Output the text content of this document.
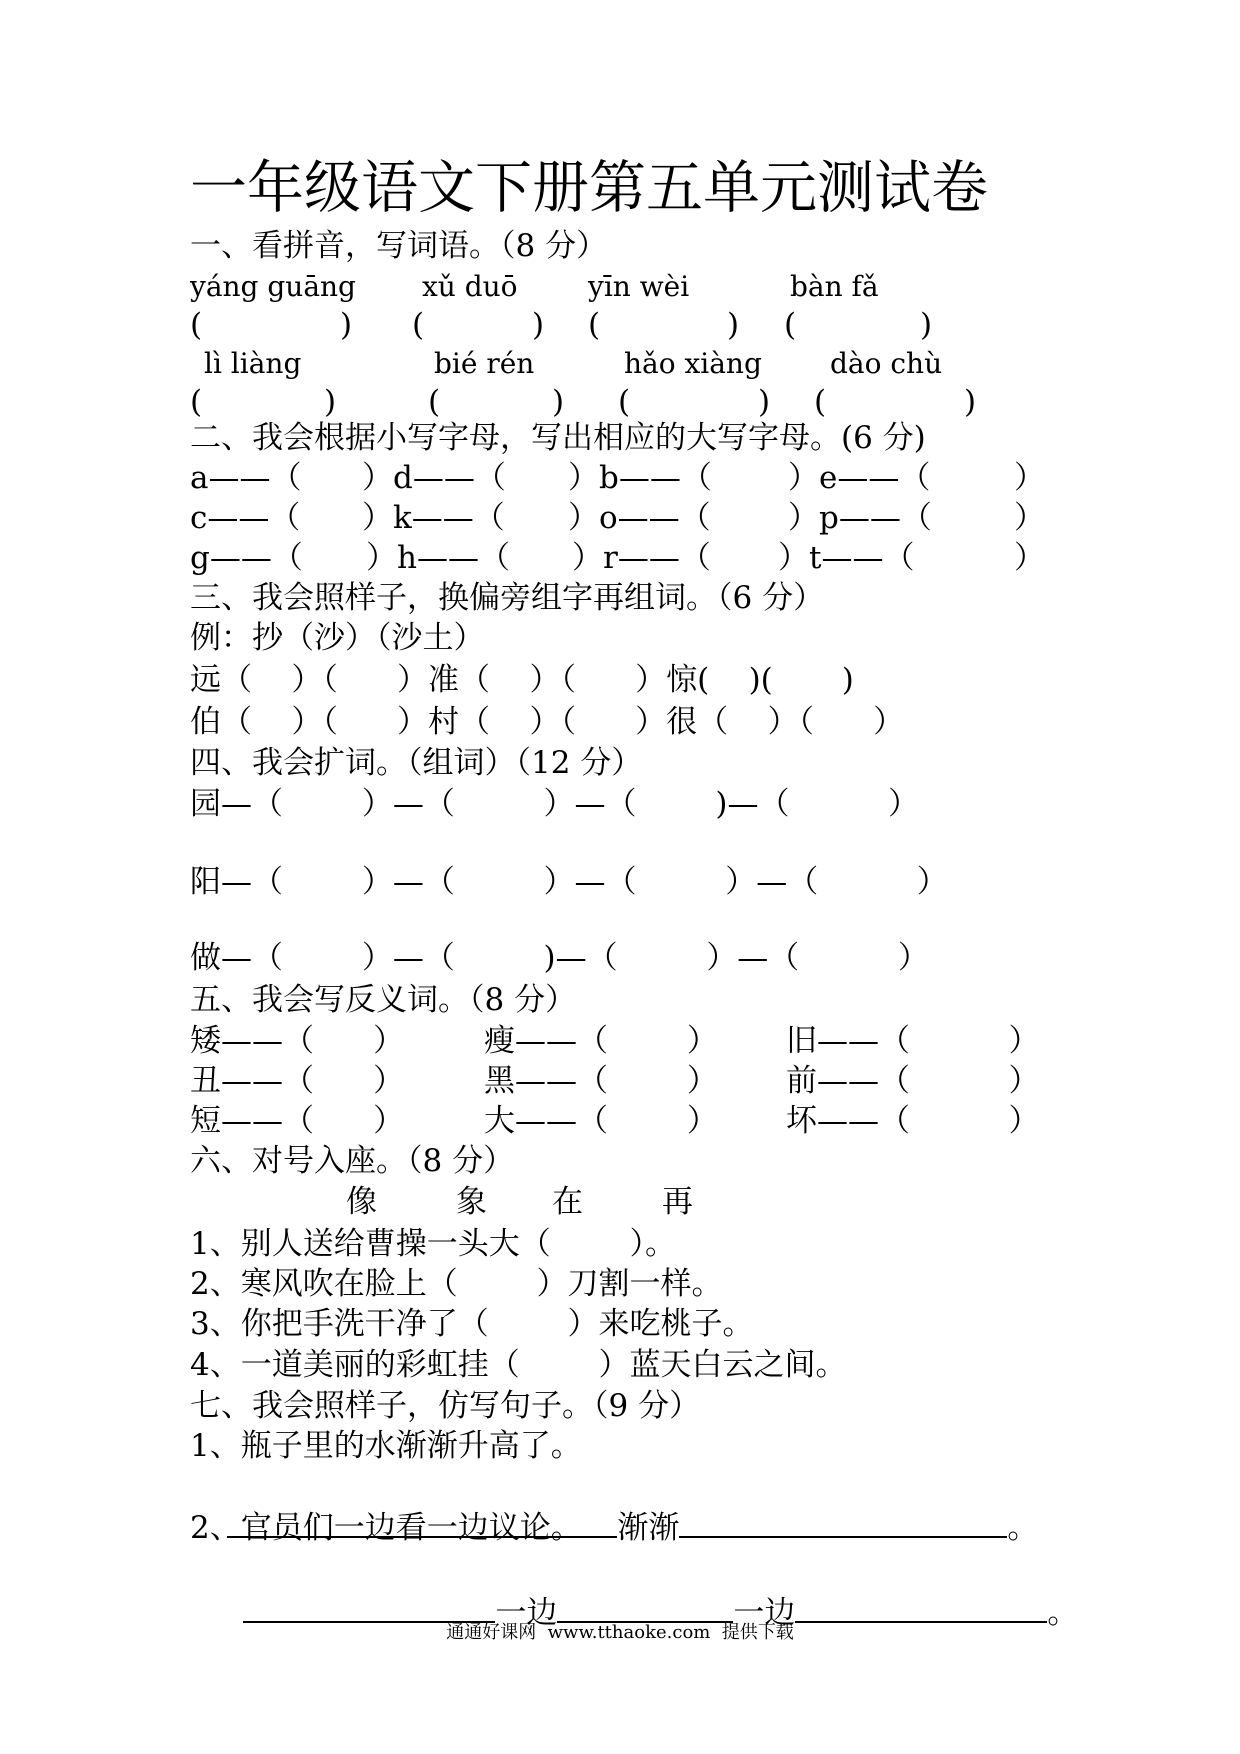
一年级语文下册第五单元测试卷
一、看拼音，写词语。（8 分）
yáng guāng xǔ duō	yīn wèi	bàn fǎ
(	) (	) (	) (	)
lì liàng	bié rén	hǎo xiàng dào chù
(	)	(	) (	) (	)
二、我会根据小写字母，写出相应的大写字母。(6 分)
a——（ ）d——（ ）b——（ ）e——（	）
c——（ ）k——（ ）o——（ ）p——（	）
g——（ ）h——（ ）r——（ ）t——（	）
三、我会照样子，换偏旁组字再组词。（6 分）
例：抄（沙）（沙土）
远（    ）（      ）准（    ）（      ）惊(    )(       )
伯（    ）（      ）村（    ）（      ）很（    ）（      ）
四、我会扩词。（组词）（12 分）
园—（        ）—（         ）—（        )—（          ）
阳—（        ）—（         ）—（         ）—（          ）
做—（        ）—（         )—（         ）—（          ）
五、我会写反义词。（8 分）
矮——（      ）	瘦——（        ） 旧——（          ）
丑——（      ）	黑——（        ） 前——（          ）
短——（      ）	大——（        ） 坏——（          ）
六、对号入座。（8 分）
像	象 在	再
1、别人送给曹操一头大（        ）。
2、寒风吹在脸上（        ）刀割一样。
3、你把手洗干净了（        ）来吃桃子。
4、一道美丽的彩虹挂（        ）蓝天白云之间。
七、我会照样子，仿写句子。（9 分）
1、瓶子里的水渐渐升高了。

渐渐	。

2、官员们一边看一边议论。

一边	一边	。

通通好课网  www.tthaoke.com  提供下载
